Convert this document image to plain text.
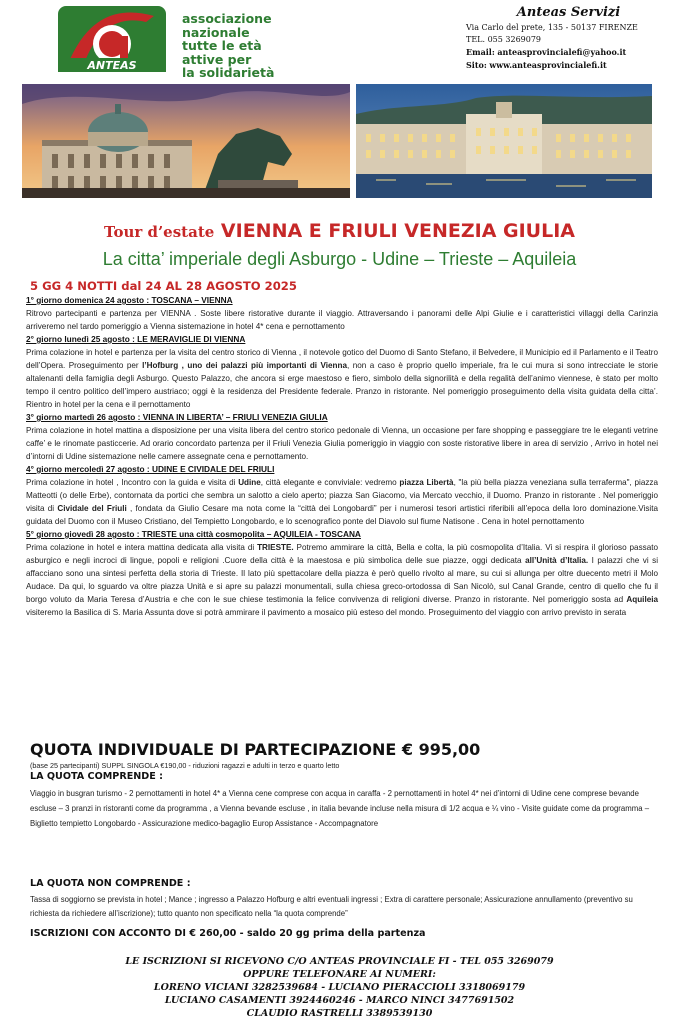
ANTEAS
associazione
nazionale
tutte le età
attive per
la solidarietà
Anteas Servizi
Via Carlo del prete, 135 - 50137 FIRENZE
TEL. 055 3269079
Email: anteasprovincialefi@yahoo.it
Sito: www.anteasprovincialefi.it
Tour d’estate VIENNA E FRIULI VENEZIA GIULIA
La citta’ imperiale degli Asburgo - Udine – Trieste – Aquileia
5 GG 4 NOTTI dal 24 AL 28 AGOSTO 2025
1° giorno domenica 24 agosto : TOSCANA – VIENNA

Ritrovo partecipanti e partenza per VIENNA . Soste libere ristorative durante il viaggio. Attraversando i panorami delle Alpi Giulie e i caratteristici villaggi della Carinzia arriveremo nel tardo pomeriggio a Vienna sistemazione in hotel 4* cena e pernottamento

2° giorno lunedì 25 agosto : LE MERAVIGLIE DI VIENNA

Prima colazione in hotel e partenza per la visita del centro storico di Vienna , il notevole gotico del Duomo di Santo Stefano, il Belvedere, il Municipio ed il Parlamento e il Teatro dell’Opera. Proseguimento per l’Hofburg , uno dei palazzi più importanti di Vienna, non a caso è proprio quello imperiale, fra le cui mura si sono intrecciate le storie altalenanti della famiglia degli Asburgo. Questo Palazzo, che ancora si erge maestoso e fiero, simbolo della signorilità e della regalità dell’animo viennese, è stato per molto tempo il centro politico dell’impero austriaco; oggi è la residenza del Presidente federale. Pranzo in ristorante. Nel pomeriggio proseguimento della visita guidata della citta’. Rientro in hotel per la cena e il pernottamento

3° giorno martedì 26 agosto : VIENNA IN LIBERTA’ – FRIULI VENEZIA GIULIA

Prima colazione in hotel mattina a disposizione per una visita libera del centro storico pedonale di Vienna, un occasione per fare shopping e passeggiare tre le eleganti vetrine caffe’ e le rinomate pasticcerie. Ad orario concordato partenza per il Friuli Venezia Giulia pomeriggio in viaggio con soste ristorative libere in area di servizio , Arrivo in hotel nei d’intorni di Udine sistemazione nelle camere assegnate cena e pernottamento.

4° giorno mercoledì 27 agosto : UDINE E CIVIDALE DEL FRIULI

Prima colazione in hotel , Incontro con la guida e visita di Udine, città elegante e conviviale: vedremo piazza Libertà, "la più bella piazza veneziana sulla terraferma", piazza Matteotti (o delle Erbe), contornata da portici che sembra un salotto a cielo aperto; piazza San Giacomo, via Mercato vecchio, il Duomo. Pranzo in ristorante . Nel pomeriggio visita di Cividale del Friuli , fondata da Giulio Cesare ma nota come la “città dei Longobardi” per i numerosi tesori artistici riferibili all’epoca della loro dominazione.Visita guidata del Duomo con il Museo Cristiano, del Tempietto Longobardo, e lo scenografico ponte del Diavolo sul fiume Natisone . Cena in hotel pernottamento

5° giorno giovedì 28 agosto : TRIESTE una città cosmopolita – AQUILEIA - TOSCANA

Prima colazione in hotel e intera mattina dedicata alla visita di TRIESTE. Potremo ammirare la città, Bella e colta, la più cosmopolita d’Italia. Vi si respira il glorioso passato asburgico e negli incroci di lingue, popoli e religioni .Cuore della città è la maestosa e più simbolica delle sue piazze, oggi dedicata all’Unità d’Italia. I palazzi che vi si affacciano sono una sintesi perfetta della storia di Trieste. Il lato più spettacolare della piazza è però quello rivolto al mare, su cui si allunga per oltre duecento metri il Molo Audace. Da qui, lo sguardo va oltre piazza Unità e si apre su palazzi monumentali, sulla chiesa greco-ortodossa di San Nicolò, sul Canal Grande, centro di quello che fu il borgo voluto da Maria Teresa d’Austria e che con le sue chiese testimonia la felice convivenza di religioni diverse. Pranzo in ristorante. Nel pomeriggio sosta ad Aquileia visiteremo la Basilica di S. Maria Assunta dove si potrà ammirare il pavimento a mosaico più esteso del mondo. Proseguimento del viaggio con arrivo previsto in serata

QUOTA INDIVIDUALE DI PARTECIPAZIONE € 995,00
(base 25 partecipanti) SUPPL SINGOLA €190,00 - riduzioni ragazzi e adulti in terzo e quarto letto
LA QUOTA COMPRENDE :
Viaggio in busgran turismo - 2 pernottamenti in hotel 4* a Vienna cene comprese con acqua in caraffa - 2 pernottamenti in hotel 4* nei d’intorni di Udine cene comprese bevande escluse – 3 pranzi in ristoranti come da programma , a Vienna bevande escluse , in italia bevande incluse nella misura di 1/2 acqua e ¼ vino - Visite guidate come da programma – Biglietto tempietto Longobardo - Assicurazione medico-bagaglio Europ Assistance - Accompagnatore
LA QUOTA NON COMPRENDE :
Tassa di soggiorno se prevista in hotel ; Mance ; ingresso a Palazzo Hofburg e altri eventuali ingressi ; Extra di carattere personale; Assicurazione annullamento (preventivo su richiesta da richiedere all’iscrizione); tutto quanto non specificato nella “la quota comprende”
ISCRIZIONI CON ACCONTO DI € 260,00 - saldo 20 gg prima della partenza
LE ISCRIZIONI SI RICEVONO C/O ANTEAS PROVINCIALE FI - TEL 055 3269079
OPPURE TELEFONARE AI NUMERI:
LORENO VICIANI 3282539684 - LUCIANO PIERACCIOLI 3318069179
LUCIANO CASAMENTI 3924460246 - MARCO NINCI 3477691502
CLAUDIO RASTRELLI 3389539130
